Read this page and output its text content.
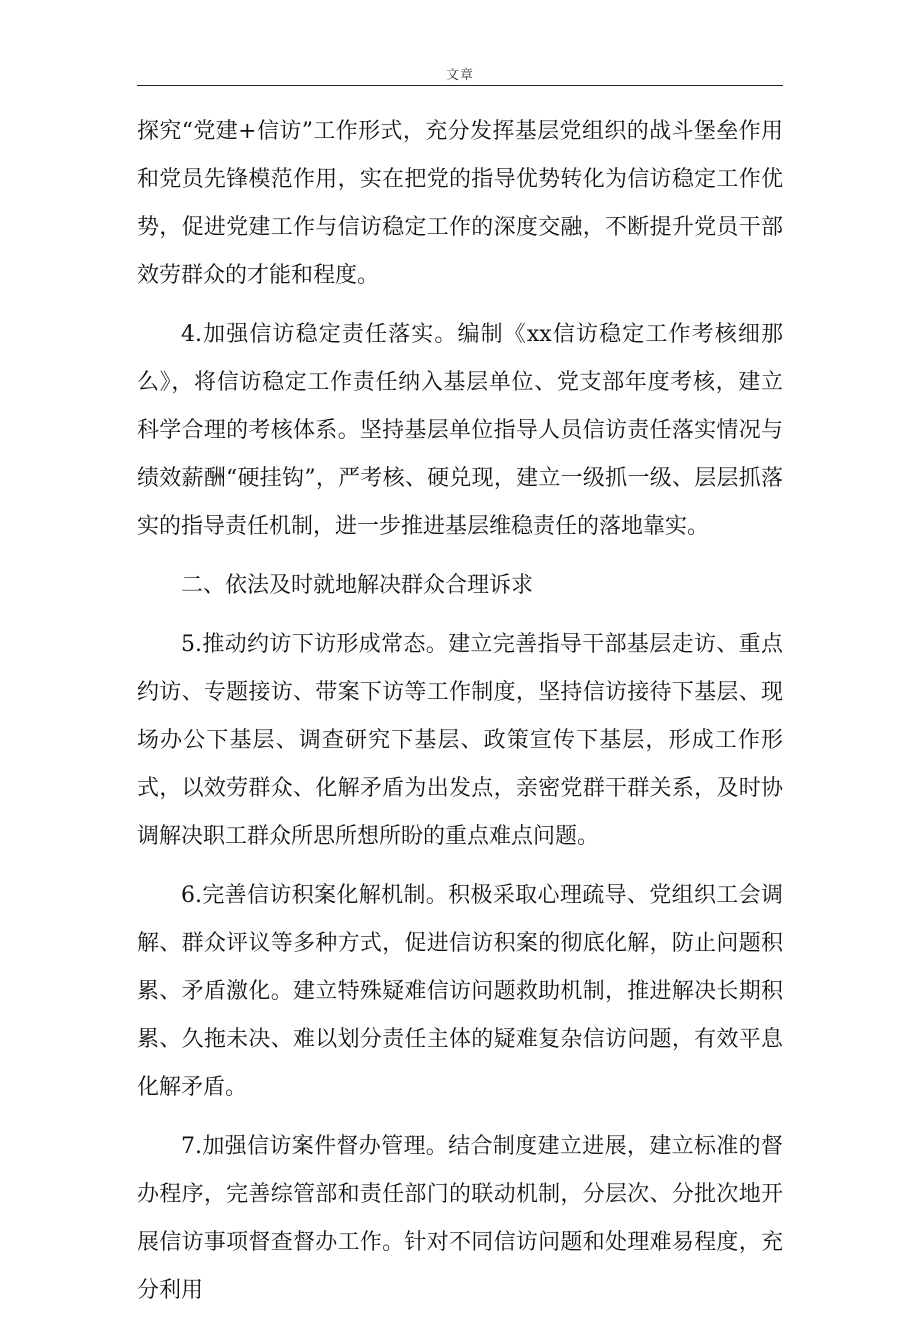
文章

探究“党建+信访”工作形式，充分发挥基层党组织的战斗堡垒作用和党员先锋模范作用，实在把党的指导优势转化为信访稳定工作优势，促进党建工作与信访稳定工作的深度交融，不断提升党员干部效劳群众的才能和程度。

4.加强信访稳定责任落实。编制《xx信访稳定工作考核细那么》，将信访稳定工作责任纳入基层单位、党支部年度考核，建立科学合理的考核体系。坚持基层单位指导人员信访责任落实情况与绩效薪酬“硬挂钩”，严考核、硬兑现，建立一级抓一级、层层抓落实的指导责任机制，进一步推进基层维稳责任的落地靠实。

二、依法及时就地解决群众合理诉求

5.推动约访下访形成常态。建立完善指导干部基层走访、重点约访、专题接访、带案下访等工作制度，坚持信访接待下基层、现场办公下基层、调查研究下基层、政策宣传下基层，形成工作形式，以效劳群众、化解矛盾为出发点，亲密党群干群关系，及时协调解决职工群众所思所想所盼的重点难点问题。

6.完善信访积案化解机制。积极采取心理疏导、党组织工会调解、群众评议等多种方式，促进信访积案的彻底化解，防止问题积累、矛盾激化。建立特殊疑难信访问题救助机制，推进解决长期积累、久拖未决、难以划分责任主体的疑难复杂信访问题，有效平息化解矛盾。

7.加强信访案件督办管理。结合制度建立进展，建立标准的督办程序，完善综管部和责任部门的联动机制，分层次、分批次地开展信访事项督查督办工作。针对不同信访问题和处理难易程度，充分利用
